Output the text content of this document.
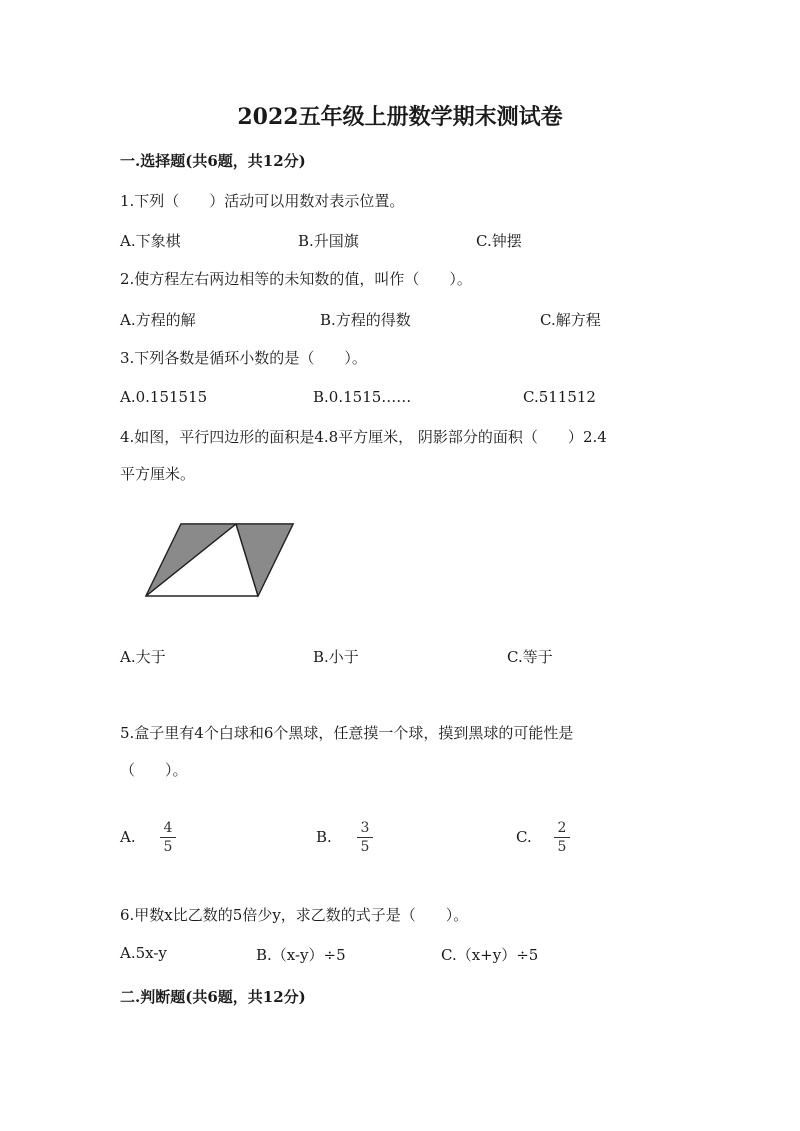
2022五年级上册数学期末测试卷
一.选择题(共6题，共12分)
1.下列（　　）活动可以用数对表示位置。
A.下象棋	B.升国旗	C.钟摆
2.使方程左右两边相等的未知数的值，叫作（　　）。
A.方程的解	B.方程的得数	C.解方程
3.下列各数是循环小数的是（　　）。
A.0.151515	B.0.1515……	C.511512
4.如图，平行四边形的面积是4.8平方厘米， 阴影部分的面积（　　）2.4
平方厘米。
A.大于	B.小于	C.等于
5.盒子里有4个白球和6个黑球，任意摸一个球，摸到黑球的可能性是
（　　）。
A. 4
5
B. 3
5
C. 2
5
6.甲数x比乙数的5倍少y，求乙数的式子是（　　）。
A.5x-y	B.（x-y）÷5	C.（x+y）÷5
二.判断题(共6题，共12分)
